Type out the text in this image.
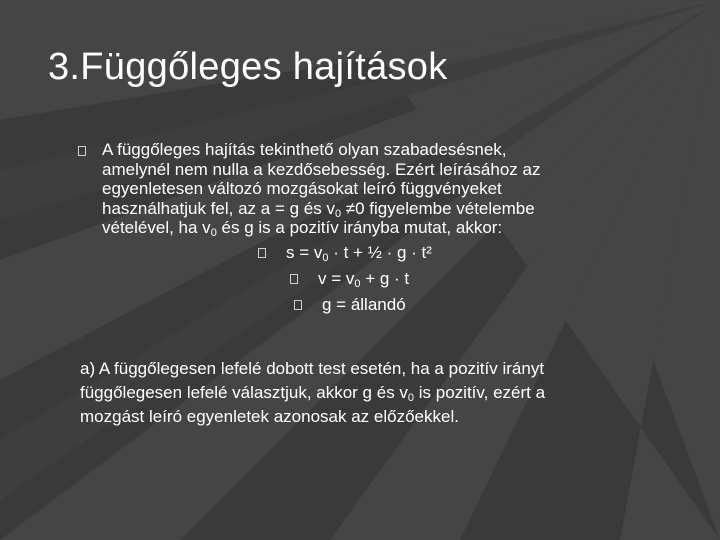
3.Függőleges hajítások
A függőleges hajítás tekinthető olyan szabadesésnek,
amelynél nem nulla a kezdősebesség. Ezért leírásához az
egyenletesen változó mozgásokat leíró függvényeket
használhatjuk fel, az a = g és $v_0 \ne 0$ figyelembe vételembe
vételével, ha $v_0$ és g is a pozitív irányba mutat, akkor:
$s = v_0 \cdot t$ + ½ · g · t²
$v = v_0 + g \cdot t$
g = állandó
a) A függőlegesen lefelé dobott test esetén, ha a pozitív irányt
függőlegesen lefelé választjuk, akkor g és $v_0$ is pozitív, ezért a
mozgást leíró egyenletek azonosak az előzőekkel.
